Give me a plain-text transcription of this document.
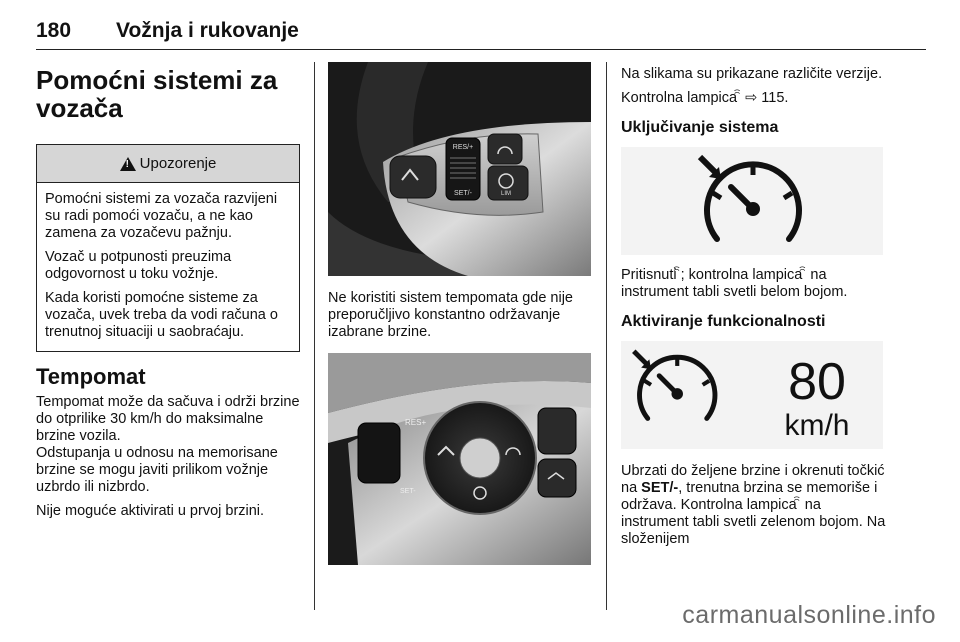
180 Vožnja i rukovanje
Pomoćni sistemi za
vozača
!
Upozorenje

Pomoćni sistemi za vozača razvijeni su radi pomoći vozaču, a ne kao zamena za vozačevu pažnju.

Vozač u potpunosti preuzima odgovornost u toku vožnje.

Kada koristi pomoćne sisteme za vozača, uvek treba da vodi računa o trenutnoj situaciji u saobraćaju.

Tempomat

Tempomat može da sačuva i održi brzine do otprilike 30 km/h do maksimalne brzine vozila.

Odstupanja u odnosu na memorisane brzine se mogu javiti prilikom vožnje uzbrdo ili nizbrdo.

Nije moguće aktivirati u prvoj brzini.

RES/+
SET/-	LIM

Ne koristiti sistem tempomata gde nije preporučljivo konstantno održavanje izabrane brzine.

RES+
SET-

Na slikama su prikazane različite verzije.

Kontrolna lampica ꩰ ⇨ 115.

Uključivanje sistema

Pritisnuti ꩰ; kontrolna lampica ꩰ na instrument tabli svetli belom bojom.

Aktiviranje funkcionalnosti
80
km/h

Ubrzati do željene brzine i okrenuti točkić na SET/-, trenutna brzina se memoriše i održava. Kontrolna lampica ꩰ na instrument tabli svetli zelenom bojom. Na složenijem

carmanualsonline.info
